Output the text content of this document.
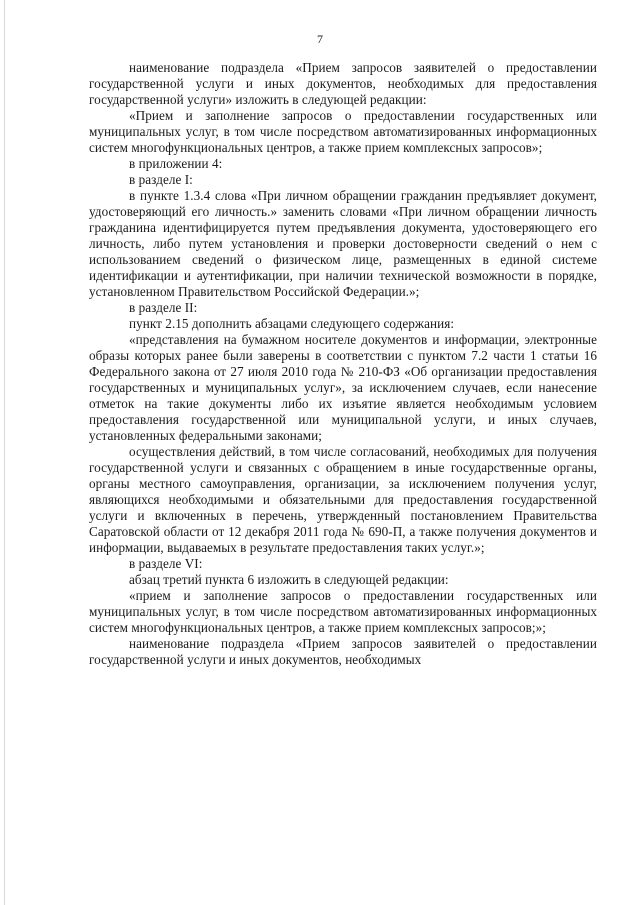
7

наименование подраздела «Прием запросов заявителей о предоставлении государственной услуги и иных документов, необходимых для предоставления государственной услуги» изложить в следующей редакции:

«Прием и заполнение запросов о предоставлении государственных или муниципальных услуг, в том числе посредством автоматизированных информационных систем многофункциональных центров, а также прием комплексных запросов»;

в приложении 4:

в разделе I:

в пункте 1.3.4 слова «При личном обращении гражданин предъявляет документ, удостоверяющий его личность.» заменить словами «При личном обращении личность гражданина идентифицируется путем предъявления документа, удостоверяющего его личность, либо путем установления и проверки достоверности сведений о нем с использованием сведений о физическом лице, размещенных в единой системе идентификации и аутентификации, при наличии технической возможности в порядке, установленном Правительством Российской Федерации.»;

в разделе II:

пункт 2.15 дополнить абзацами следующего содержания:

«представления на бумажном носителе документов и информации, электронные образы которых ранее были заверены в соответствии с пунктом 7.2 части 1 статьи 16 Федерального закона от 27 июля 2010 года № 210-ФЗ «Об организации предоставления государственных и муниципальных услуг», за исключением случаев, если нанесение отметок на такие документы либо их изъятие является необходимым условием предоставления государственной или муниципальной услуги, и иных случаев, установленных федеральными законами;

осуществления действий, в том числе согласований, необходимых для получения государственной услуги и связанных с обращением в иные государственные органы, органы местного самоуправления, организации, за исключением получения услуг, являющихся необходимыми и обязательными для предоставления государственной услуги и включенных в перечень, утвержденный постановлением Правительства Саратовской области от 12 декабря 2011 года № 690-П, а также получения документов и информации, выдаваемых в результате предоставления таких услуг.»;

в разделе VI:

абзац третий пункта 6 изложить в следующей редакции:

«прием и заполнение запросов о предоставлении государственных или муниципальных услуг, в том числе посредством автоматизированных информационных систем многофункциональных центров, а также прием комплексных запросов;»;

наименование подраздела «Прием запросов заявителей о предоставлении государственной услуги и иных документов, необходимых
